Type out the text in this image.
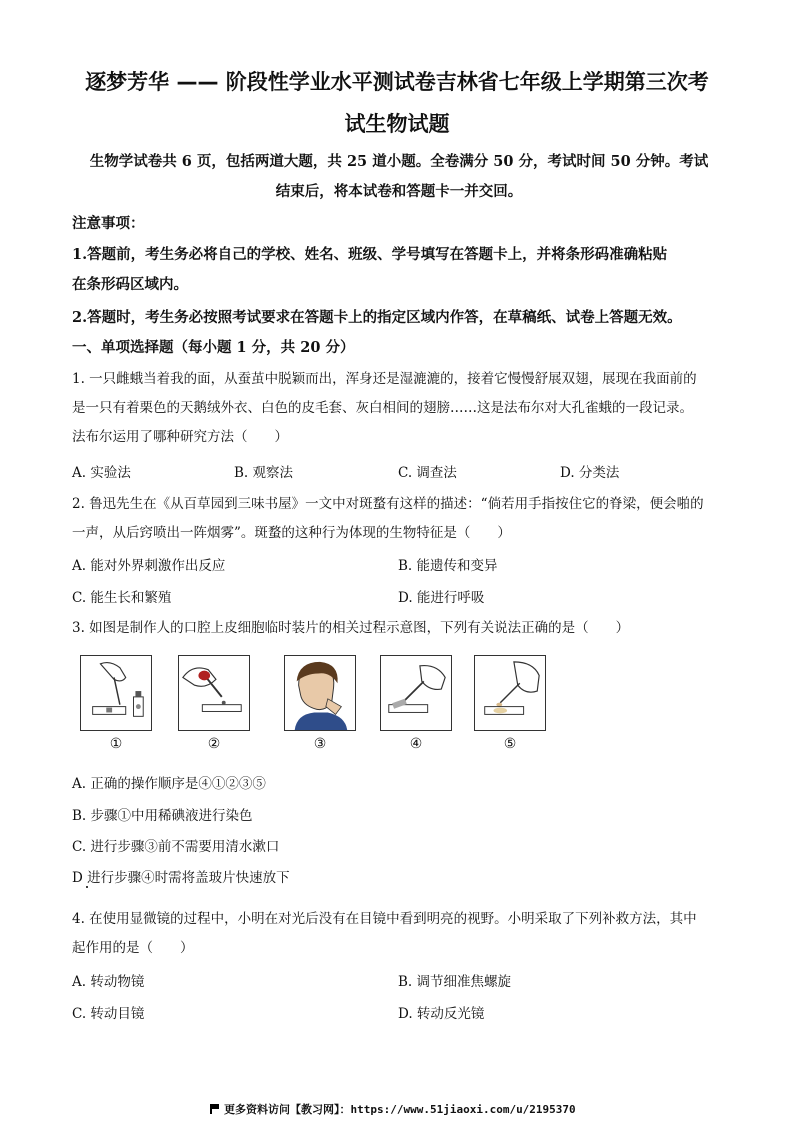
逐梦芳华 —— 阶段性学业水平测试卷吉林省七年级上学期第三次考
试生物试题
生物学试卷共 6 页，包括两道大题，共 25 道小题。全卷满分 50 分，考试时间 50 分钟。考试
结束后，将本试卷和答题卡一并交回。
注意事项：
1.答题前，考生务必将自己的学校、姓名、班级、学号填写在答题卡上，并将条形码准确粘贴
在条形码区域内。
2.答题时，考生务必按照考试要求在答题卡上的指定区域内作答，在草稿纸、试卷上答题无效。
一、单项选择题（每小题 1 分，共 20 分）
1. 一只雌蛾当着我的面，从蚕茧中脱颖而出，浑身还是湿漉漉的，接着它慢慢舒展双翅，展现在我面前的
是一只有着栗色的天鹅绒外衣、白色的皮毛套、灰白相间的翅膀……这是法布尔对大孔雀蛾的一段记录。
法布尔运用了哪种研究方法（　　）
A. 实验法	B. 观察法	C. 调查法	D. 分类法
2. 鲁迅先生在《从百草园到三味书屋》一文中对斑蝥有这样的描述：“倘若用手指按住它的脊梁，便会啪的
一声，从后窍喷出一阵烟雾”。斑蝥的这种行为体现的生物特征是（　　）
A. 能对外界刺激作出反应	B. 能遗传和变异
C. 能生长和繁殖	D. 能进行呼吸
3. 如图是制作人的口腔上皮细胞临时装片的相关过程示意图，下列有关说法正确的是（　　）
①	②	③	④	⑤
A. 正确的操作顺序是④①②③⑤
B. 步骤①中用稀碘液进行染色
C. 进行步骤③前不需要用清水漱口
D 进行步骤④时需将盖玻片快速放下
4. 在使用显微镜的过程中，小明在对光后没有在目镜中看到明亮的视野。小明采取了下列补救方法，其中
起作用的是（　　）
A. 转动物镜	B. 调节细准焦螺旋
C. 转动目镜	D. 转动反光镜
更多资料访问【教习网】：https://www.51jiaoxi.com/u/2195370
